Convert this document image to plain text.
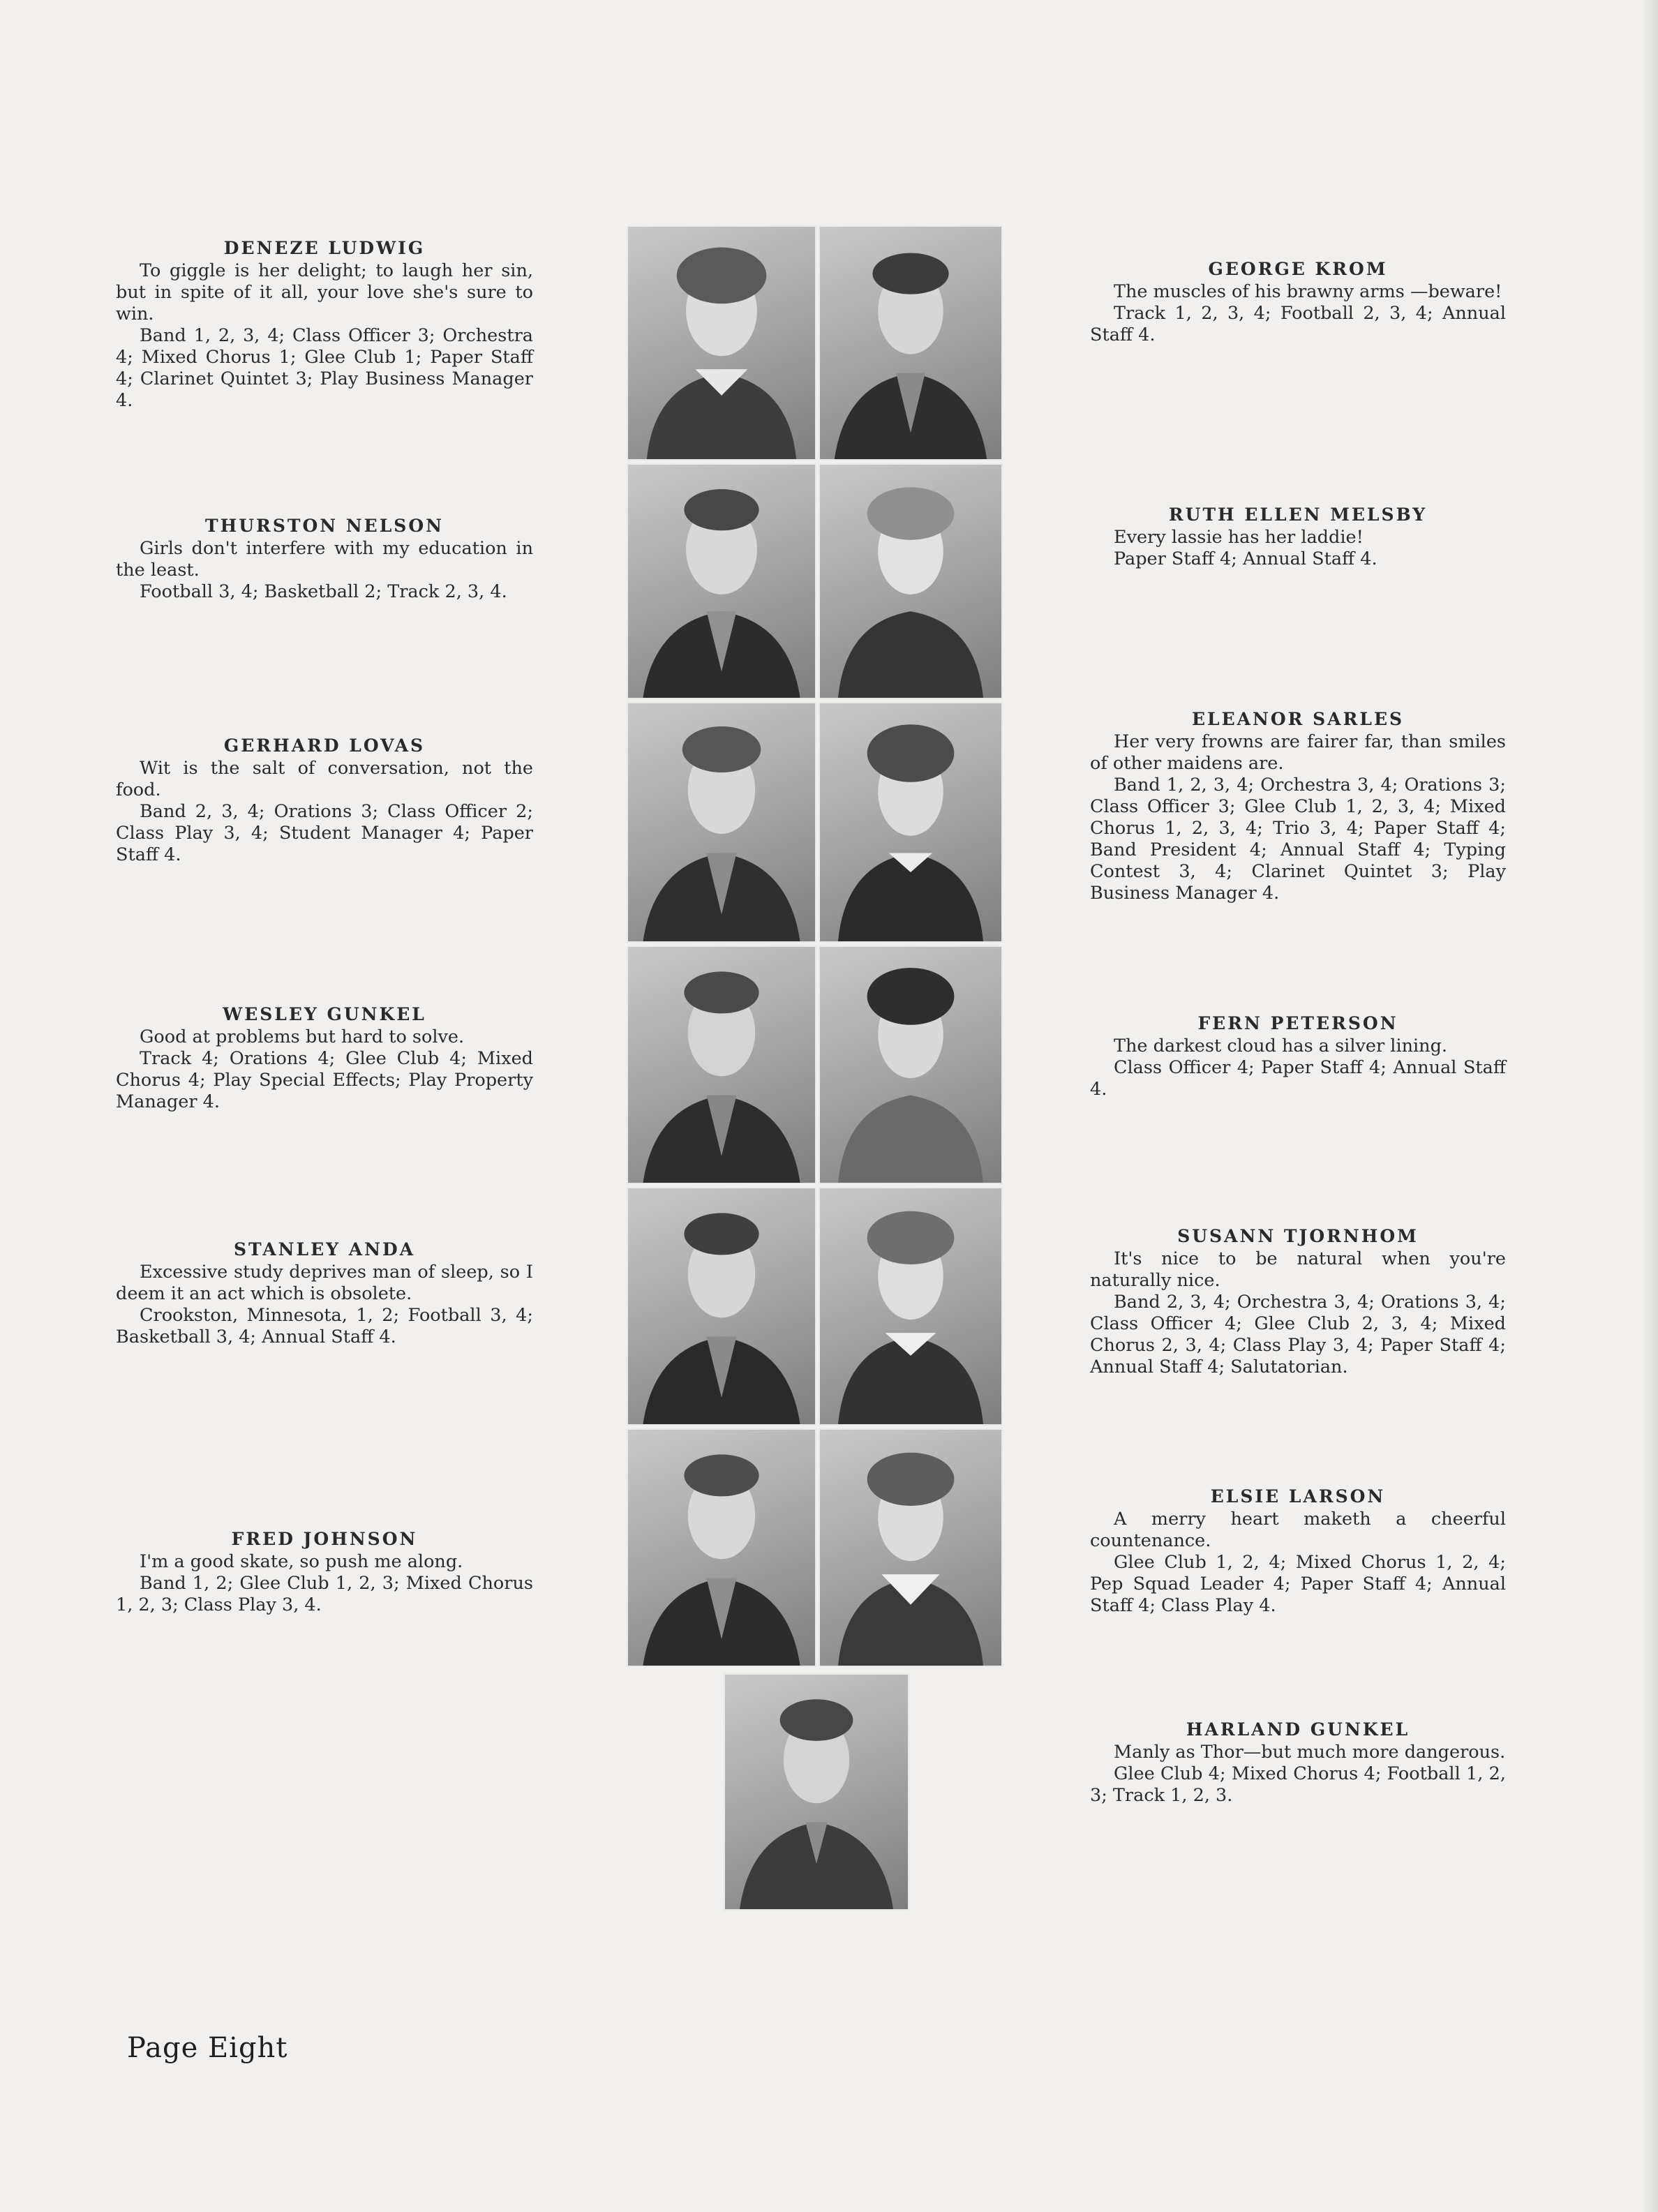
DENEZE LUDWIG
To giggle is her delight; to laugh her sin, but in spite of it all, your love she's sure to win.
Band 1, 2, 3, 4; Class Officer 3; Orchestra 4; Mixed Chorus 1; Glee Club 1; Paper Staff 4; Clarinet Quintet 3; Play Business Manager 4.
THURSTON NELSON
Girls don't interfere with my education in the least.
Football 3, 4; Basketball 2; Track 2, 3, 4.
GERHARD LOVAS
Wit is the salt of conversation, not the food.
Band 2, 3, 4; Orations 3; Class Officer 2; Class Play 3, 4; Student Manager 4; Paper Staff 4.
WESLEY GUNKEL
Good at problems but hard to solve.
Track 4; Orations 4; Glee Club 4; Mixed Chorus 4; Play Special Effects; Play Property Manager 4.
STANLEY ANDA
Excessive study deprives man of sleep, so I deem it an act which is obsolete.
Crookston, Minnesota, 1, 2; Football 3, 4; Basketball 3, 4; Annual Staff 4.
FRED JOHNSON
I'm a good skate, so push me along.
Band 1, 2; Glee Club 1, 2, 3; Mixed Chorus 1, 2, 3; Class Play 3, 4.
GEORGE KROM
The muscles of his brawny arms —beware!
Track 1, 2, 3, 4; Football 2, 3, 4; Annual Staff 4.
RUTH ELLEN MELSBY
Every lassie has her laddie!
Paper Staff 4; Annual Staff 4.
ELEANOR SARLES
Her very frowns are fairer far, than smiles of other maidens are.
Band 1, 2, 3, 4; Orchestra 3, 4; Orations 3; Class Officer 3; Glee Club 1, 2, 3, 4; Mixed Chorus 1, 2, 3, 4; Trio 3, 4; Paper Staff 4; Band President 4; Annual Staff 4; Typing Contest 3, 4; Clarinet Quintet 3; Play Business Manager 4.
FERN PETERSON
The darkest cloud has a silver lining.
Class Officer 4; Paper Staff 4; Annual Staff 4.
SUSANN TJORNHOM
It's nice to be natural when you're naturally nice.
Band 2, 3, 4; Orchestra 3, 4; Orations 3, 4; Class Officer 4; Glee Club 2, 3, 4; Mixed Chorus 2, 3, 4; Class Play 3, 4; Paper Staff 4; Annual Staff 4; Salutatorian.
ELSIE LARSON
A merry heart maketh a cheerful countenance.
Glee Club 1, 2, 4; Mixed Chorus 1, 2, 4; Pep Squad Leader 4; Paper Staff 4; Annual Staff 4; Class Play 4.
HARLAND GUNKEL
Manly as Thor—but much more dangerous.
Glee Club 4; Mixed Chorus 4; Football 1, 2, 3; Track 1, 2, 3.
Page Eight
